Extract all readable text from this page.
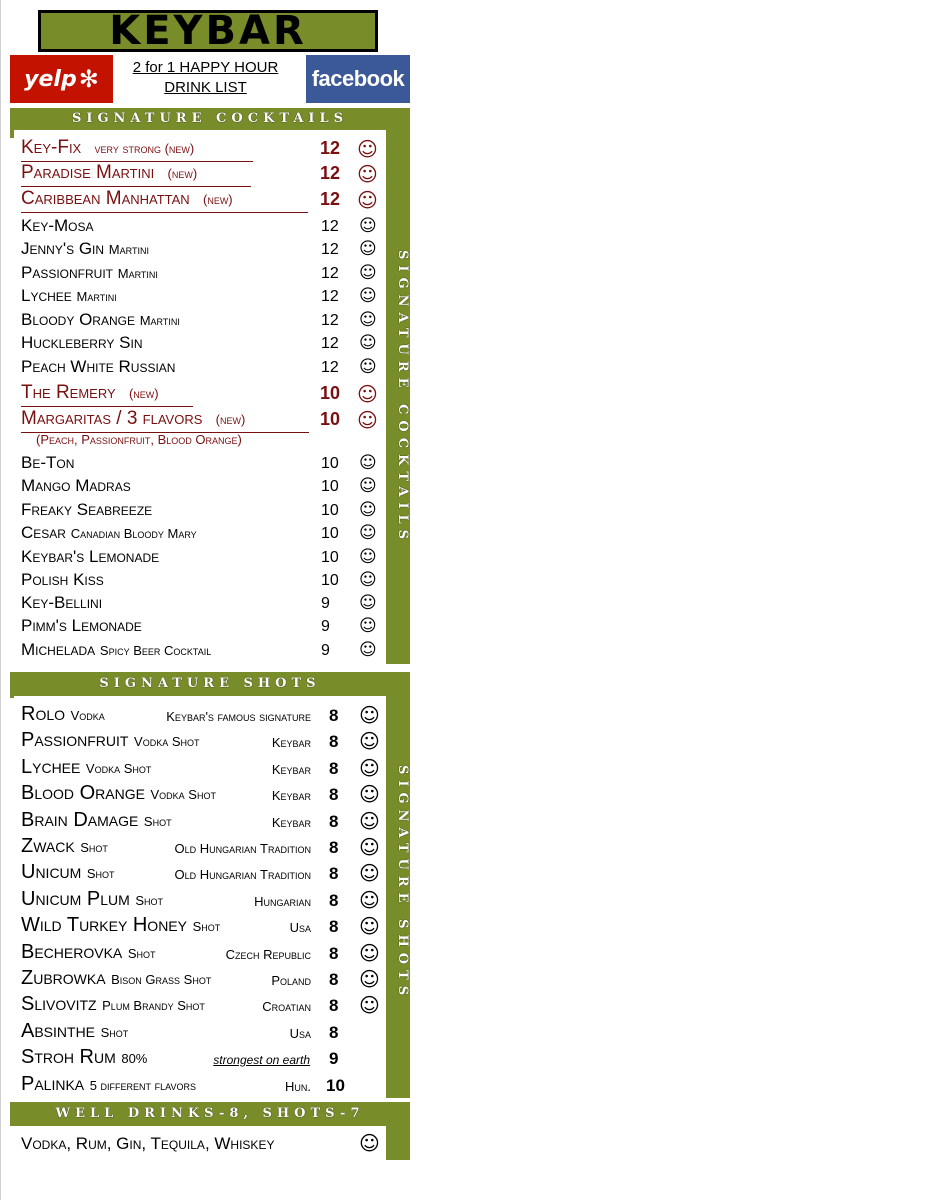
KEYBAR
yelp ✻	2 for 1 HAPPY HOUR
DRINK LIST	facebook
SIGNATURE COCKTAILS
SIGNATURE COCKTAILS
Key-Fix very strong (new)	12 ☺
Paradise Martini (new)	12 ☺
Caribbean Manhattan (new)	12 ☺
Key-Mosa	12 ☺
Jenny's Gin Martini	12 ☺
Passionfruit Martini	12 ☺
Lychee Martini	12 ☺
Bloody Orange Martini	12 ☺
Huckleberry Sin	12 ☺
Peach White Russian	12 ☺
The Remery (new)	10 ☺
Margaritas / 3 flavors (new)	10 ☺
Be-Ton	10 ☺
Mango Madras	10 ☺
Freaky Seabreeze	10 ☺
Cesar Canadian Bloody Mary	10 ☺
Keybar's Lemonade	10 ☺
Polish Kiss	10 ☺
Key-Bellini	9 ☺
Pimm's Lemonade	9 ☺
Michelada Spicy Beer Cocktail	9 ☺
(Peach, Passionfruit, Blood Orange)
SIGNATURE SHOTS
SIGNATURE SHOTS
Rolo Vodka	Keybar's famous signature 8 ☺
Passionfruit Vodka Shot	Keybar 8 ☺
Lychee Vodka Shot	Keybar 8 ☺
Blood Orange Vodka Shot	Keybar 8 ☺
Brain Damage Shot	Keybar 8 ☺
Zwack Shot	Old Hungarian Tradition 8 ☺
Unicum Shot	Old Hungarian Tradition 8 ☺
Unicum Plum Shot	Hungarian 8 ☺
Wild Turkey Honey Shot	Usa 8 ☺
Becherovka Shot	Czech Republic 8 ☺
Zubrowka Bison Grass Shot	Poland 8 ☺
Slivovitz Plum Brandy Shot	Croatian 8 ☺
Absinthe Shot	Usa 8
Stroh Rum 80%	strongest on earth 9
Palinka 5 different flavors	Hun. 10
WELL DRINKS-8, SHOTS-7
Vodka, Rum, Gin, Tequila, Whiskey	☺
